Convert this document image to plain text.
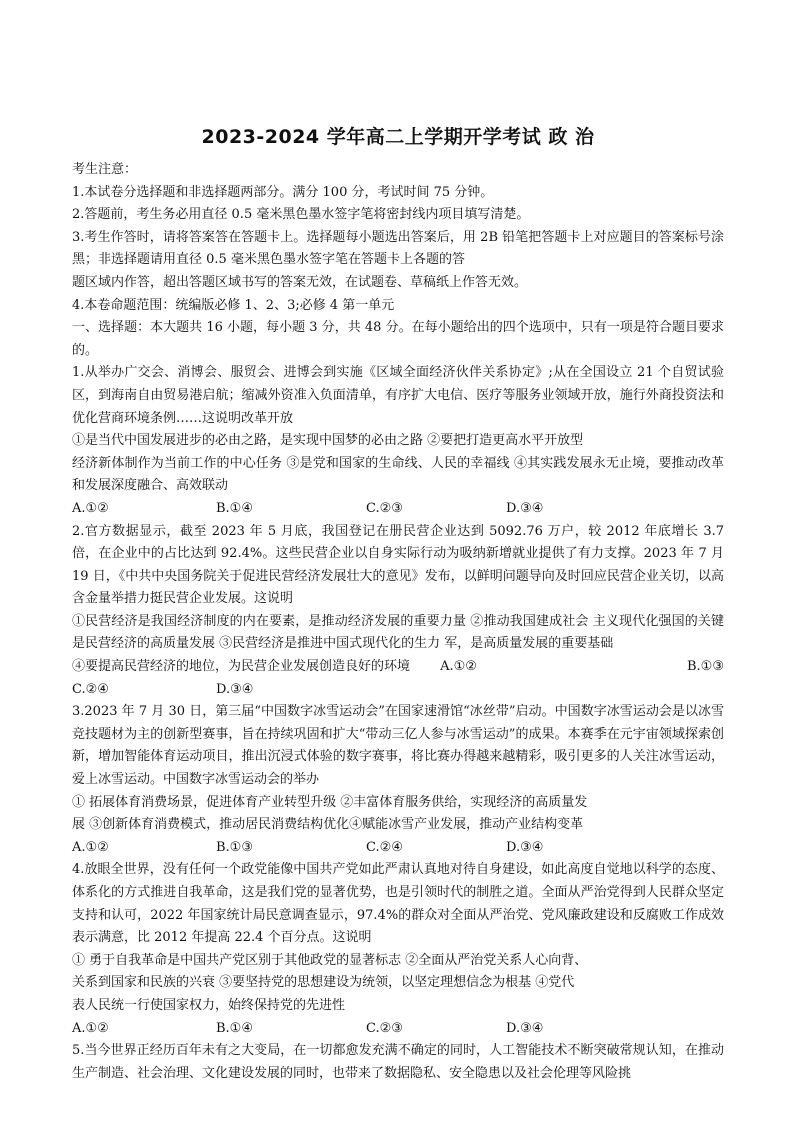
2023-2024 学年高二上学期开学考试 政 治

考生注意：

1.本试卷分选择题和非选择题两部分。满分 100 分，考试时间 75 分钟。

2.答题前，考生务必用直径 0.5 毫米黑色墨水签字笔将密封线内项目填写清楚。

3.考生作答时，请将答案答在答题卡上。选择题每小题选出答案后，用 2B 铅笔把答题卡上对应题目的答案标号涂黑；非选择题请用直径 0.5 毫米黑色墨水签字笔在答题卡上各题的答

题区域内作答，超出答题区域书写的答案无效，在试题卷、草稿纸上作答无效。

4.本卷命题范围：统编版必修 1、2、3;必修 4 第一单元

一、选择题：本大题共 16 小题，每小题 3 分，共 48 分。在每小题给出的四个选项中，只有一项是符合题目要求的。

1.从举办广交会、消博会、服贸会、进博会到实施《区域全面经济伙伴关系协定》;从在全国设立 21 个自贸试验区，到海南自由贸易港启航；缩减外资准入负面清单，有序扩大电信、医疗等服务业领域开放，施行外商投资法和优化营商环境条例……这说明改革开放

①是当代中国发展进步的必由之路，是实现中国梦的必由之路 ②要把打造更高水平开放型

经济新体制作为当前工作的中心任务 ③是党和国家的生命线、人民的幸福线 ④其实践发展永无止境，要推动改革和发展深度融合、高效联动

A.①②	B.①④	C.②③	D.③④

2.官方数据显示，截至 2023 年 5 月底，我国登记在册民营企业达到 5092.76 万户，较 2012 年底增长 3.7 倍，在企业中的占比达到 92.4%。这些民营企业以自身实际行动为吸纳新增就业提供了有力支撑。2023 年 7 月 19 日，《中共中央国务院关于促进民营经济发展壮大的意见》发布，以鲜明问题导向及时回应民营企业关切，以高含金量举措力挺民营企业发展。这说明

①民营经济是我国经济制度的内在要素，是推动经济发展的重要力量 ②推动我国建成社会 主义现代化强国的关键是民营经济的高质量发展 ③民营经济是推进中国式现代化的生力 军，是高质量发展的重要基础

④要提高民营经济的地位，为民营企业发展创造良好的环境 A.①②	B.①③
C.②④	D.③④

3.2023 年 7 月 30 日，第三届“中国数字冰雪运动会”在国家速滑馆“冰丝带”启动。中国数字冰雪运动会是以冰雪竞技题材为主的创新型赛事，旨在持续巩固和扩大“带动三亿人参与冰雪运动”的成果。本赛季在元宇宙领域探索创新，增加智能体育运动项目，推出沉浸式体验的数字赛事，将比赛办得越来越精彩，吸引更多的人关注冰雪运动，爱上冰雪运动。中国数字冰雪运动会的举办

① 拓展体育消费场景，促进体育产业转型升级 ②丰富体育服务供给，实现经济的高质量发

展 ③创新体育消费模式，推动居民消费结构优化④赋能冰雪产业发展，推动产业结构变革

A.①②	B.①③	C.②④	D.③④

4.放眼全世界，没有任何一个政党能像中国共产党如此严肃认真地对待自身建设，如此高度自觉地以科学的态度、体系化的方式推进自我革命，这是我们党的显著优势，也是引领时代的制胜之道。全面从严治党得到人民群众坚定支持和认可，2022 年国家统计局民意调查显示，97.4%的群众对全面从严治党、党风廉政建设和反腐败工作成效表示满意，比 2012 年提高 22.4 个百分点。这说明

① 勇于自我革命是中国共产党区别于其他政党的显著标志 ②全面从严治党关系人心向背、

关系到国家和民族的兴衰 ③要坚持党的思想建设为统领，以坚定理想信念为根基 ④党代

表人民统一行使国家权力，始终保持党的先进性

A.①②	B.①④	C.②③	D.③④

5.当今世界正经历百年未有之大变局，在一切都愈发充满不确定的同时，人工智能技术不断突破常规认知，在推动生产制造、社会治理、文化建设发展的同时，也带来了数据隐私、安全隐患以及社会伦理等风险挑
